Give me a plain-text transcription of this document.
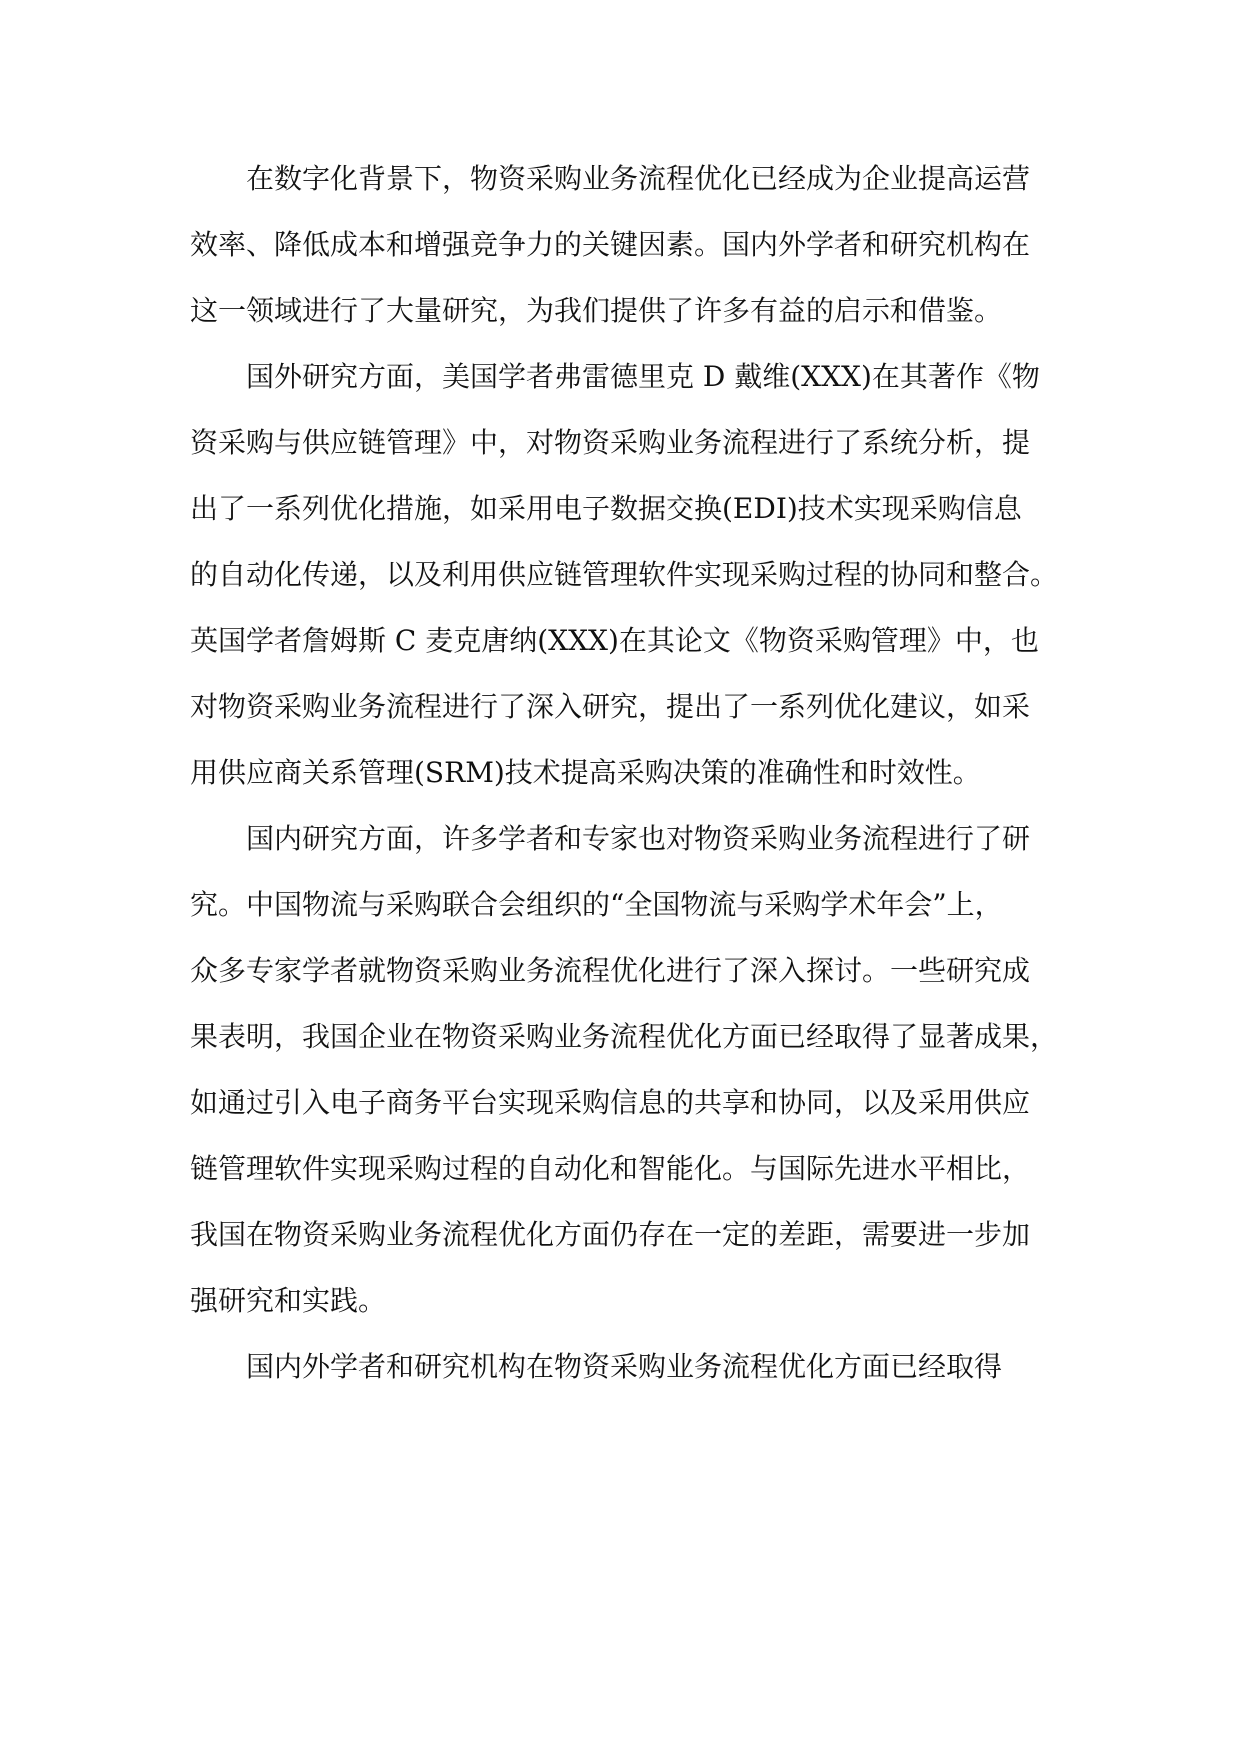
在数字化背景下，物资采购业务流程优化已经成为企业提高运营
效率、降低成本和增强竞争力的关键因素。国内外学者和研究机构在
这一领域进行了大量研究，为我们提供了许多有益的启示和借鉴。
国外研究方面，美国学者弗雷德里克 D 戴维(XXX)在其著作《物
资采购与供应链管理》中，对物资采购业务流程进行了系统分析，提
出了一系列优化措施，如采用电子数据交换(EDI)技术实现采购信息
的自动化传递，以及利用供应链管理软件实现采购过程的协同和整合。
英国学者詹姆斯 C 麦克唐纳(XXX)在其论文《物资采购管理》中，也
对物资采购业务流程进行了深入研究，提出了一系列优化建议，如采
用供应商关系管理(SRM)技术提高采购决策的准确性和时效性。
国内研究方面，许多学者和专家也对物资采购业务流程进行了研
究。中国物流与采购联合会组织的“全国物流与采购学术年会”上，
众多专家学者就物资采购业务流程优化进行了深入探讨。一些研究成
果表明，我国企业在物资采购业务流程优化方面已经取得了显著成果，
如通过引入电子商务平台实现采购信息的共享和协同，以及采用供应
链管理软件实现采购过程的自动化和智能化。与国际先进水平相比，
我国在物资采购业务流程优化方面仍存在一定的差距，需要进一步加
强研究和实践。
国内外学者和研究机构在物资采购业务流程优化方面已经取得
